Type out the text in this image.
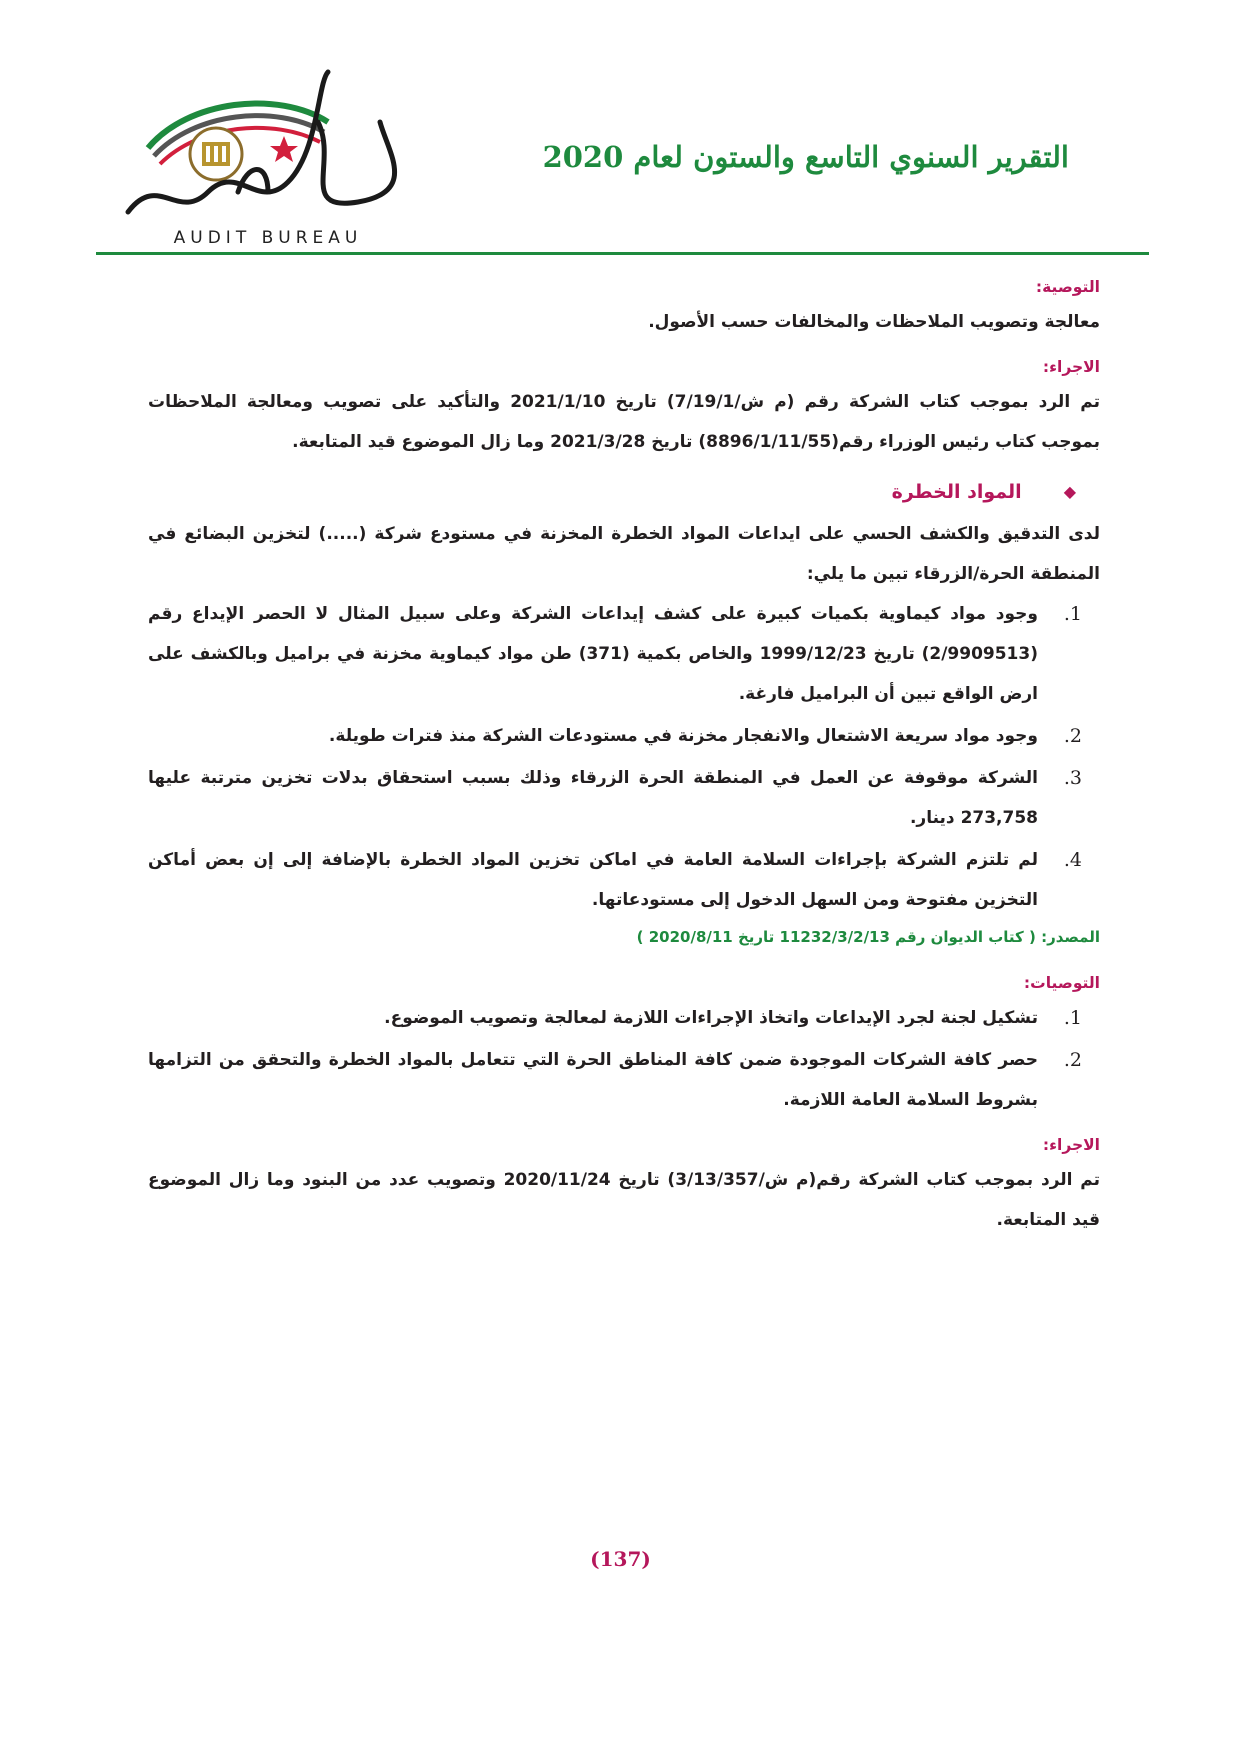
AUDIT BUREAU
التقرير السنوي التاسع والستون لعام 2020
التوصية:

معالجة وتصويب الملاحظات والمخالفات حسب الأصول.

الاجراء:

تم الرد بموجب كتاب الشركة رقم (م ش/7/19/1) تاريخ 2021/1/10 والتأكيد على تصويب ومعالجة الملاحظات بموجب كتاب رئيس الوزراء رقم(8896/1/11/55) تاريخ 2021/3/28 وما زال الموضوع قيد المتابعة.

◆
المواد الخطرة

لدى التدقيق والكشف الحسي على ايداعات المواد الخطرة المخزنة في مستودع شركة (.....) لتخزين البضائع في المنطقة الحرة/الزرقاء تبين ما يلي:

1.
وجود مواد كيماوية بكميات كبيرة على كشف إيداعات الشركة وعلى سبيل المثال لا الحصر الإيداع رقم (2/9909513) تاريخ 1999/12/23 والخاص بكمية (371) طن مواد كيماوية مخزنة في براميل وبالكشف على ارض الواقع تبين أن البراميل فارغة.
2.
وجود مواد سريعة الاشتعال والانفجار مخزنة في مستودعات الشركة منذ فترات طويلة.
3.
الشركة موقوفة عن العمل في المنطقة الحرة الزرقاء وذلك بسبب استحقاق بدلات تخزين مترتبة عليها 273,758 دينار.
4.
لم تلتزم الشركة بإجراءات السلامة العامة في اماكن تخزين المواد الخطرة بالإضافة إلى إن بعض أماكن التخزين مفتوحة ومن السهل الدخول إلى مستودعاتها.
المصدر: ( كتاب الديوان رقم 11232/3/2/13 تاريخ 2020/8/11 )
التوصيات:
1.
تشكيل لجنة لجرد الإيداعات واتخاذ الإجراءات اللازمة لمعالجة وتصويب الموضوع.
2.
حصر كافة الشركات الموجودة ضمن كافة المناطق الحرة التي تتعامل بالمواد الخطرة والتحقق من التزامها بشروط السلامة العامة اللازمة.
الاجراء:

تم الرد بموجب كتاب الشركة رقم(م ش/3/13/357) تاريخ 2020/11/24 وتصويب عدد من البنود وما زال الموضوع قيد المتابعة.

(137)
